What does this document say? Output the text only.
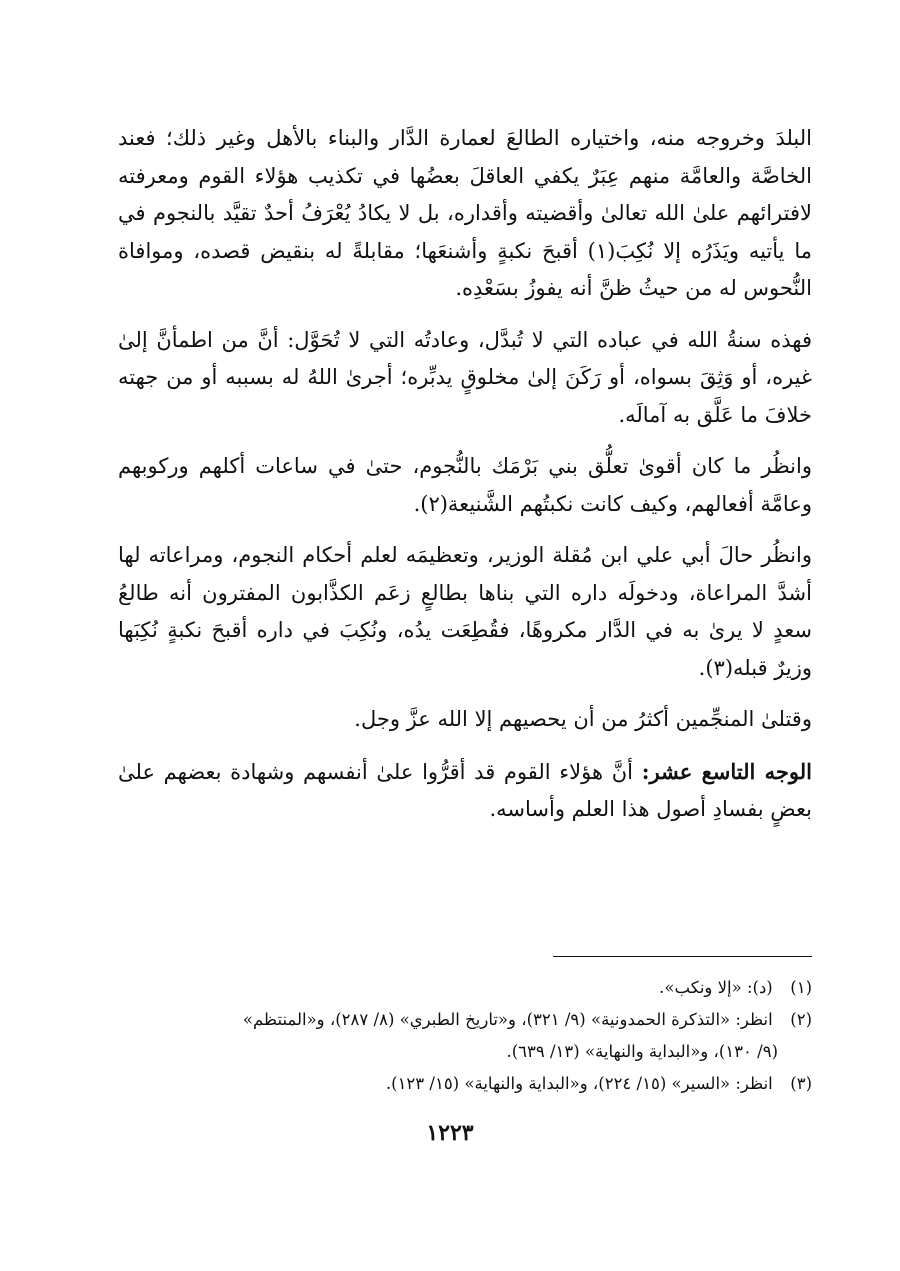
البلدَ وخروجه منه، واختياره الطالعَ لعمارة الدَّار والبناء بالأهل وغير ذلك؛ فعند الخاصَّة والعامَّة منهم عِبَرٌ يكفي العاقلَ بعضُها في تكذيب هؤلاء القوم ومعرفته لافترائهم علىٰ الله تعالىٰ وأقضيته وأقداره، بل لا يكادُ يُعْرَفُ أحدٌ تقيَّد بالنجوم في ما يأتيه ويَذَرُه إلا نُكِبَ(١) أقبحَ نكبةٍ وأشنعَها؛ مقابلةً له بنقيض قصده، وموافاة النُّحوس له من حيثُ ظنَّ أنه يفوزُ بسَعْدِه.

فهذه سنةُ الله في عباده التي لا تُبدَّل، وعادتُه التي لا تُحَوَّل: أنَّ من اطمأنَّ إلىٰ غيره، أو وَثِقَ بسواه، أو رَكَنَ إلىٰ مخلوقٍ يدبِّره؛ أجرىٰ اللهُ له بسببه أو من جهته خلافَ ما عَلَّق به آمالَه.

وانظُر ما كان أقوىٰ تعلُّق بني بَرْمَك بالنُّجوم، حتىٰ في ساعات أكلهم وركوبهم وعامَّة أفعالهم، وكيف كانت نكبتُهم الشَّنيعة(٢).

وانظُر حالَ أبي علي ابن مُقلة الوزير، وتعظيمَه لعلم أحكام النجوم، ومراعاته لها أشدَّ المراعاة، ودخولَه داره التي بناها بطالعٍ زعَم الكذَّابون المفترون أنه طالعُ سعدٍ لا يرىٰ به في الدَّار مكروهًا، فقُطِعَت يدُه، ونُكِبَ في داره أقبحَ نكبةٍ نُكِبَها وزيرٌ قبله(٣).

وقتلىٰ المنجِّمين أكثرُ من أن يحصيهم إلا الله عزَّ وجل.

الوجه التاسع عشر: أنَّ هؤلاء القوم قد أقرُّوا علىٰ أنفسهم وشهادة بعضهم علىٰ بعضٍ بفسادِ أصول هذا العلم وأساسه.

(١) (د): «إلا ونكب».

(٢) انظر: «التذكرة الحمدونية» (٩/ ٣٢١)، و«تاريخ الطبري» (٨/ ٢٨٧)، و«المنتظم»
(٩/ ١٣٠)، و«البداية والنهاية» (١٣/ ٦٣٩).

(٣) انظر: «السير» (١٥/ ٢٢٤)، و«البداية والنهاية» (١٥/ ١٢٣).

١٢٢٣
